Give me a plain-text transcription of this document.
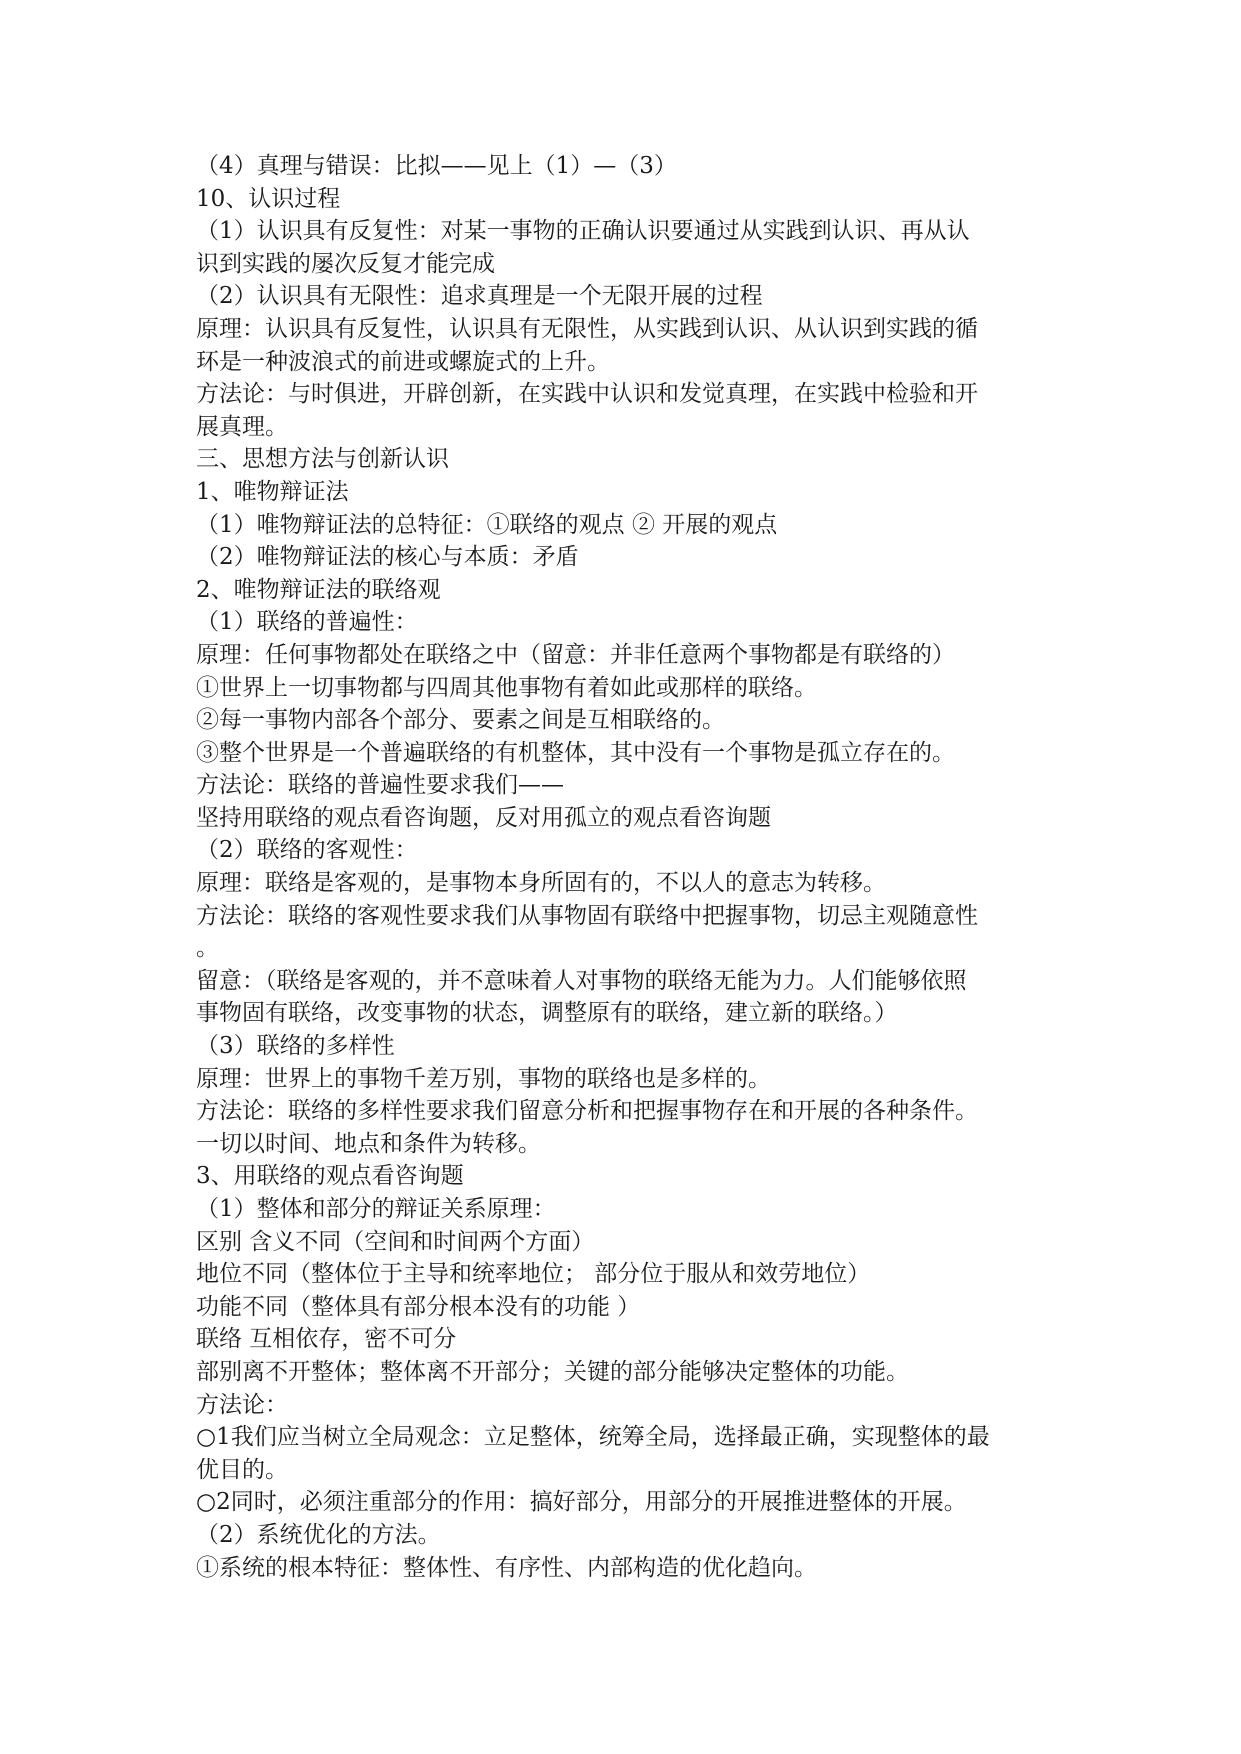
（4）真理与错误：比拟——见上（1）—（3）
10、认识过程
（1）认识具有反复性：对某一事物的正确认识要通过从实践到认识、再从认
识到实践的屡次反复才能完成
（2）认识具有无限性：追求真理是一个无限开展的过程
原理：认识具有反复性，认识具有无限性，从实践到认识、从认识到实践的循
环是一种波浪式的前进或螺旋式的上升。
方法论：与时俱进，开辟创新，在实践中认识和发觉真理，在实践中检验和开
展真理。
三、思想方法与创新认识
1、唯物辩证法
（1）唯物辩证法的总特征：①联络的观点 ② 开展的观点
（2）唯物辩证法的核心与本质：矛盾
2、唯物辩证法的联络观
（1）联络的普遍性：
原理：任何事物都处在联络之中（留意：并非任意两个事物都是有联络的）
①世界上一切事物都与四周其他事物有着如此或那样的联络。
②每一事物内部各个部分、要素之间是互相联络的。
③整个世界是一个普遍联络的有机整体，其中没有一个事物是孤立存在的。
方法论：联络的普遍性要求我们——
坚持用联络的观点看咨询题，反对用孤立的观点看咨询题
（2）联络的客观性：
原理：联络是客观的，是事物本身所固有的，不以人的意志为转移。
方法论：联络的客观性要求我们从事物固有联络中把握事物，切忌主观随意性
。
留意：（联络是客观的，并不意味着人对事物的联络无能为力。人们能够依照
事物固有联络，改变事物的状态，调整原有的联络，建立新的联络。）
（3）联络的多样性
原理：世界上的事物千差万别，事物的联络也是多样的。
方法论：联络的多样性要求我们留意分析和把握事物存在和开展的各种条件。
一切以时间、地点和条件为转移。
3、用联络的观点看咨询题
（1）整体和部分的辩证关系原理：
区别 含义不同（空间和时间两个方面）
地位不同（整体位于主导和统率地位； 部分位于服从和效劳地位）
功能不同（整体具有部分根本没有的功能 ）
联络 互相依存，密不可分
部别离不开整体；整体离不开部分；关键的部分能够决定整体的功能。
方法论：
○1我们应当树立全局观念：立足整体，统筹全局，选择最正确，实现整体的最
优目的。
○2同时，必须注重部分的作用：搞好部分，用部分的开展推进整体的开展。
（2）系统优化的方法。
①系统的根本特征：整体性、有序性、内部构造的优化趋向。
